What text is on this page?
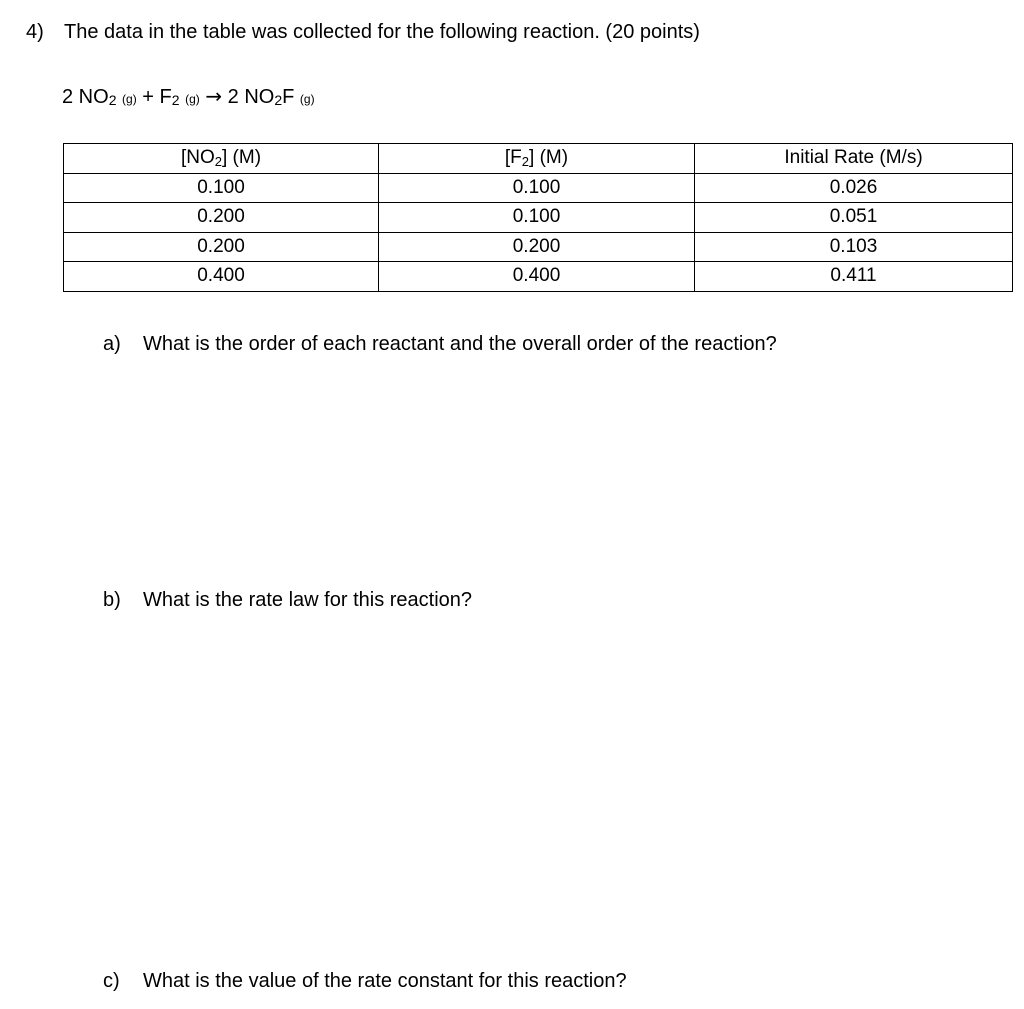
4) The data in the table was collected for the following reaction. (20 points)
2 NO2 (g) + F2 (g) → 2 NO2F (g)
[NO2] (M)	[F2] (M)	Initial Rate (M/s)
0.100	0.100	0.026
0.200	0.100	0.051
0.200	0.200	0.103
0.400	0.400	0.411
a) What is the order of each reactant and the overall order of the reaction?
b) What is the rate law for this reaction?
c) What is the value of the rate constant for this reaction?
